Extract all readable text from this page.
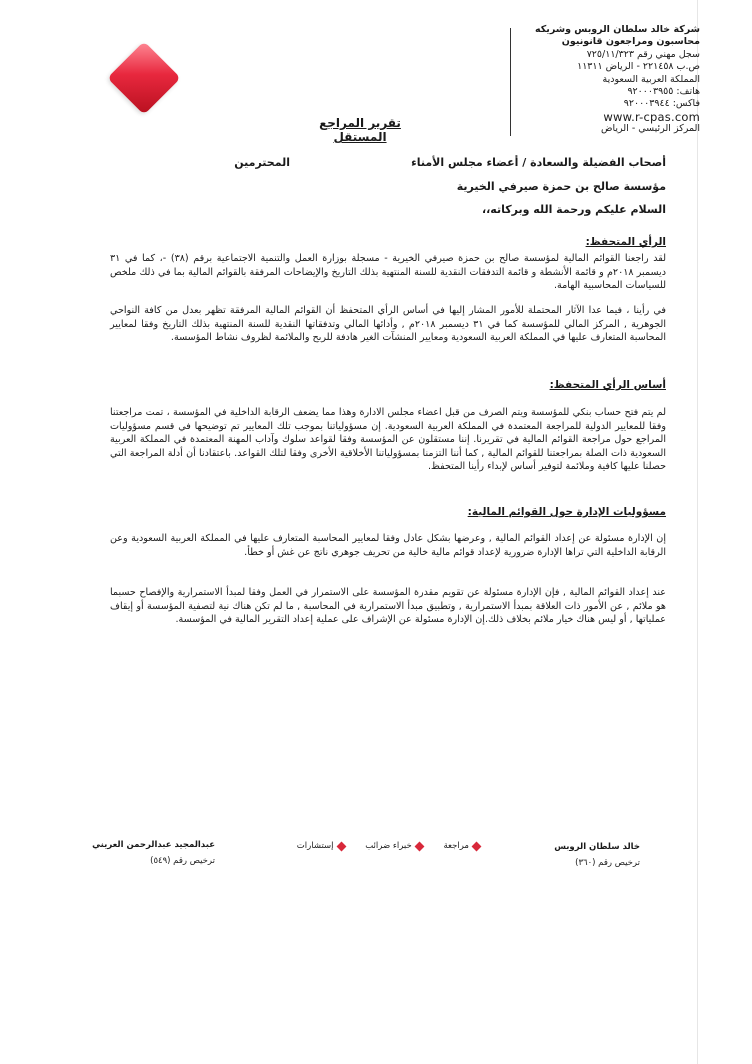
شركة خالد سلطان الروبس وشريكه
محاسبون ومراجعون قانونيون
سجل مهني رقم ٧٢٥/١١/٣٢٣
ص.ب ٢٢١٤٥٨ - الرياض ١١٣١١
المملكة العربية السعودية
هاتف: ٩٢٠٠٠٣٩٥٥
فاكس: ٩٢٠٠٠٣٩٤٤
www.r-cpas.com
المركز الرئيسي - الرياض
تقرير المراجع المستقل
أصحاب الفضيلة والسعادة / أعضاء مجلس الأمناء
المحترمين
مؤسسة صالح بن حمزة صيرفي الخيرية
السلام عليكم ورحمة الله وبركاته،،
الرأي المتحفظ:
لقد راجعنا القوائم المالية لمؤسسة صالح بن حمزة صيرفي الخيرية - مسجلة بوزارة العمل والتنمية الاجتماعية برقم (٣٨) -، كما في ٣١ ديسمبر ٢٠١٨م و قائمة الأنشطة و قائمة التدفقات النقدية للسنة المنتهية بذلك التاريخ والإيضاحات المرفقة بالقوائم المالية بما في ذلك ملخص للسياسات المحاسبية الهامة.
في رأينا ، فيما عدا الآثار المحتملة للأمور المشار إليها في أساس الرأي المتحفظ أن القوائم المالية المرفقة تظهر بعدل من كافة النواحي الجوهرية , المركز المالي للمؤسسة كما في ٣١ ديسمبر ٢٠١٨م , وأدائها المالي وتدفقاتها النقدية للسنة المنتهية بذلك التاريخ وفقا لمعايير المحاسبة المتعارف عليها في المملكة العربية السعودية ومعايير المنشآت الغير هادفة للربح والملائمة لظروف نشاط المؤسسة.
أساس الرأي المتحفظ:
لم يتم فتح حساب بنكي للمؤسسة ويتم الصرف من قبل اعضاء مجلس الادارة وهذا مما يضعف الرقابة الداخلية في المؤسسة ، تمت مراجعتنا وفقا للمعايير الدولية للمراجعة المعتمدة في المملكة العربية السعودية. إن مسؤولياتنا بموجب تلك المعايير تم توضيحها في قسم مسؤوليات المراجع حول مراجعة القوائم المالية في تقريرنا. إننا مستقلون عن المؤسسة وفقا لقواعد سلوك وآداب المهنة المعتمدة في المملكة العربية السعودية ذات الصلة بمراجعتنا للقوائم المالية , كما أننا التزمنا بمسؤولياتنا الأخلاقية الأخرى وفقا لتلك القواعد. باعتقادنا أن أدلة المراجعة التي حصلنا عليها كافية وملائمة لتوفير أساس لإبداء رأينا المتحفظ.
مسؤوليات الإدارة حول القوائم المالية:
إن الإدارة مسئولة عن إعداد القوائم المالية , وعرضها بشكل عادل وفقا لمعايير المحاسبة المتعارف عليها في المملكة العربية السعودية وعن الرقابة الداخلية التي تراها الإدارة ضرورية لإعداد قوائم مالية خالية من تحريف جوهري ناتج عن غش أو خطأ.
عند إعداد القوائم المالية , فإن الإدارة مسئولة عن تقويم مقدرة المؤسسة على الاستمرار في العمل وفقا لمبدأ الاستمرارية والإفصاح حسبما هو ملائم , عن الأمور ذات العلاقة بمبدأ الاستمرارية , وتطبيق مبدأ الاستمرارية في المحاسبة , ما لم تكن هناك نية لتصفية المؤسسة أو إيقاف عملياتها , أو ليس هناك خيار ملائم بخلاف ذلك.إن الإدارة مسئولة عن الإشراف على عملية إعداد التقرير المالية في المؤسسة.
خالد سلطان الروبس
ترخيص رقم (٣٦٠)
مراجعة

خبراء ضرائب

إستشارات
عبدالمجيد عبدالرحمن العريني
ترخيص رقم (٥٤٩)
